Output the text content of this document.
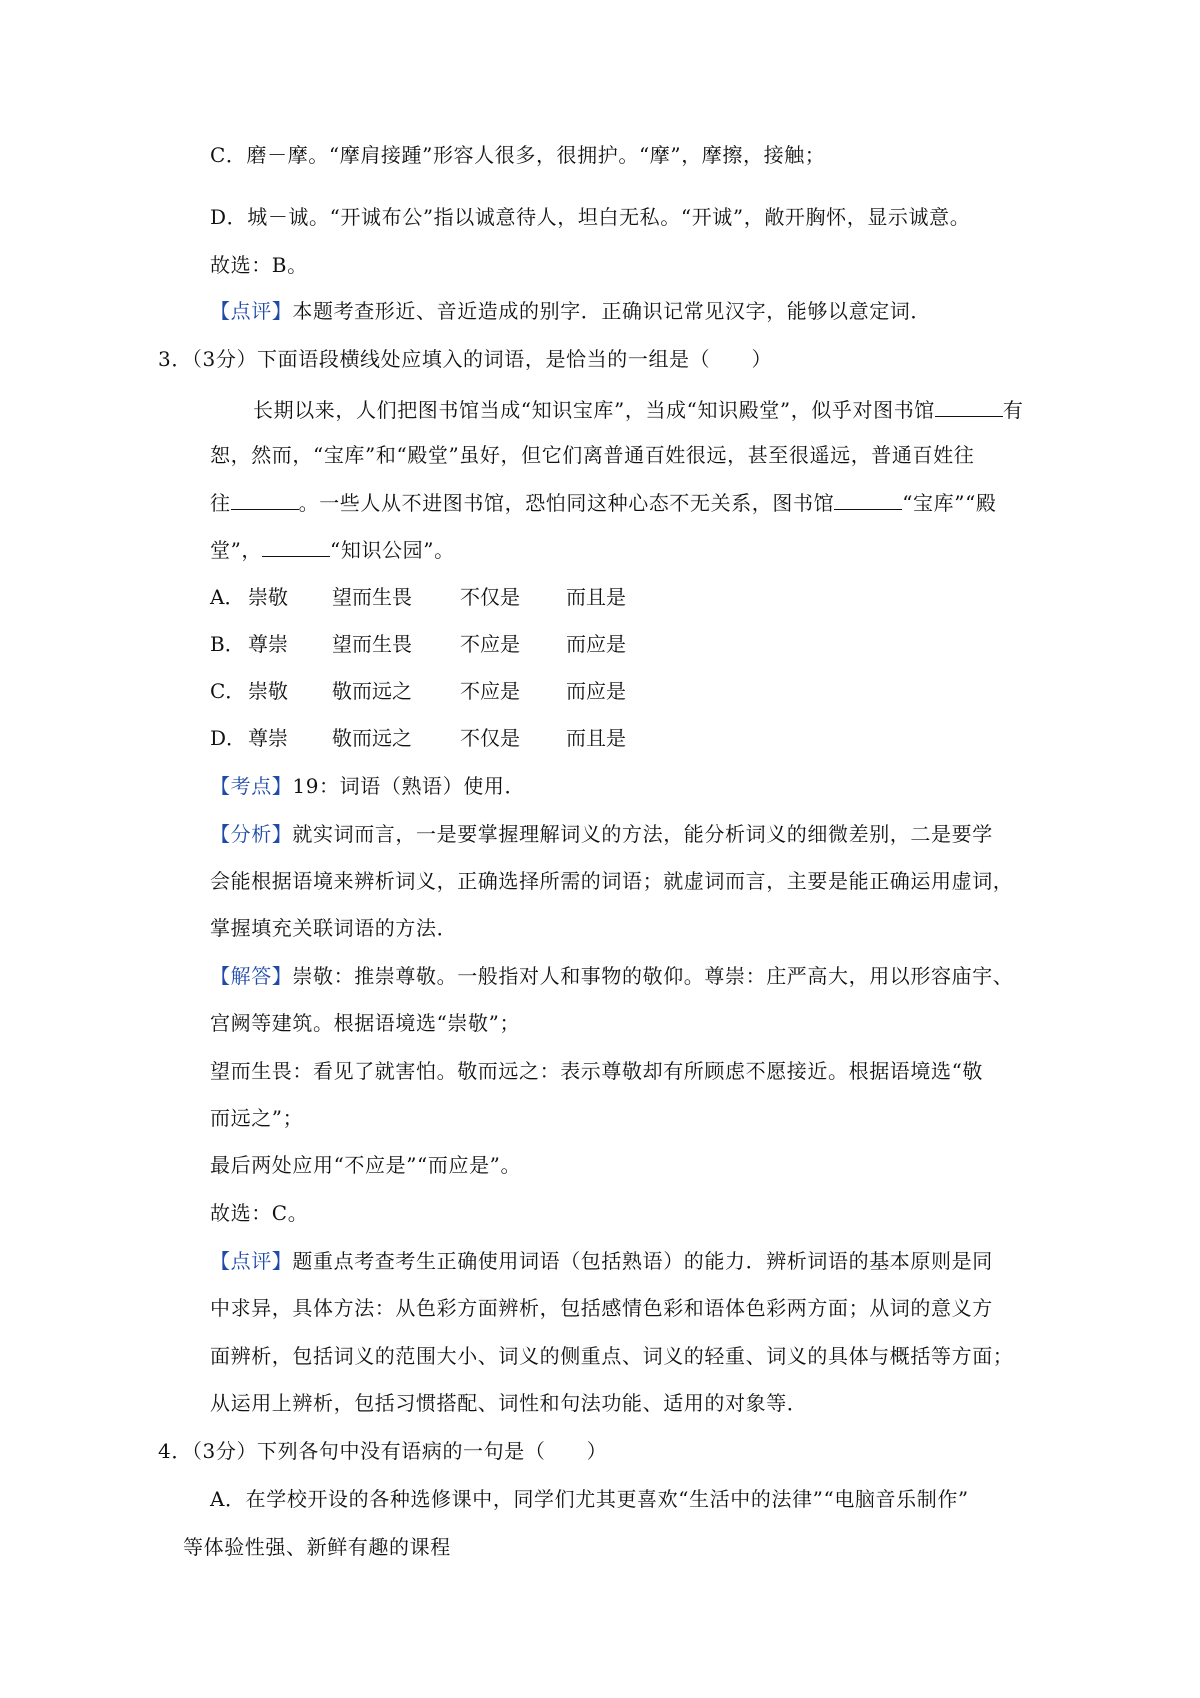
C．磨－摩。“摩肩接踵”形容人很多，很拥护。“摩”，摩擦，接触；
D．城－诚。“开诚布公”指以诚意待人，坦白无私。“开诚”，敞开胸怀，显示诚意。
故选：B。
【点评】本题考查形近、音近造成的别字．正确识记常见汉字，能够以意定词．
3．（3分）下面语段横线处应填入的词语，是恰当的一组是（　　）
长期以来，人们把图书馆当成“知识宝库”，当成“知识殿堂”，似乎对图书馆	有
恕，然而，“宝库”和“殿堂”虽好，但它们离普通百姓很远，甚至很遥远，普通百姓往
往	。一些人从不进图书馆，恐怕同这种心态不无关系，图书馆	“宝库”“殿
堂”，	“知识公园”。
A． 崇敬 望而生畏 不仅是 而且是
B． 尊崇 望而生畏 不应是 而应是
C． 崇敬 敬而远之 不应是 而应是
D． 尊崇 敬而远之 不仅是 而且是
【考点】19：词语（熟语）使用．
【分析】就实词而言，一是要掌握理解词义的方法，能分析词义的细微差别，二是要学
会能根据语境来辨析词义，正确选择所需的词语；就虚词而言，主要是能正确运用虚词，
掌握填充关联词语的方法．
【解答】崇敬：推崇尊敬。一般指对人和事物的敬仰。尊崇：庄严高大，用以形容庙宇、
宫阙等建筑。根据语境选“崇敬”；
望而生畏：看见了就害怕。敬而远之：表示尊敬却有所顾虑不愿接近。根据语境选“敬
而远之”；
最后两处应用“不应是”“而应是”。
故选：C。
【点评】题重点考查考生正确使用词语（包括熟语）的能力．辨析词语的基本原则是同
中求异，具体方法：从色彩方面辨析，包括感情色彩和语体色彩两方面；从词的意义方
面辨析，包括词义的范围大小、词义的侧重点、词义的轻重、词义的具体与概括等方面；
从运用上辨析，包括习惯搭配、词性和句法功能、适用的对象等．
4．（3分）下列各句中没有语病的一句是（　　）
A．在学校开设的各种选修课中，同学们尤其更喜欢“生活中的法律”“电脑音乐制作”
等体验性强、新鲜有趣的课程
